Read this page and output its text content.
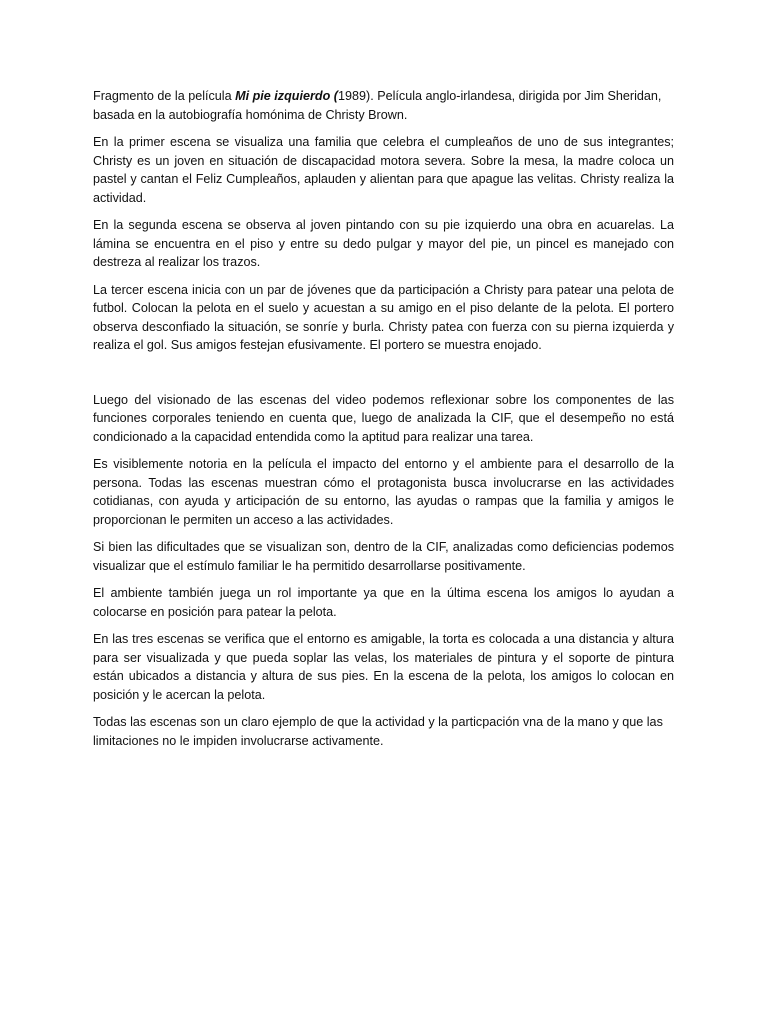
Fragmento de la película Mi pie izquierdo (1989). Película anglo-irlandesa, dirigida por Jim Sheridan, basada en la autobiografía homónima de Christy Brown.

En la primer escena se visualiza una familia que celebra el cumpleaños de uno de sus integrantes; Christy es un joven en situación de discapacidad motora severa. Sobre la mesa, la madre coloca un pastel y cantan el Feliz Cumpleaños, aplauden y alientan para que apague las velitas. Christy realiza la actividad.

En la segunda escena se observa al joven pintando con su pie izquierdo una obra en acuarelas. La lámina se encuentra en el piso y entre su dedo pulgar y mayor del pie, un pincel es manejado con destreza al realizar los trazos.

La tercer escena inicia con un par de jóvenes que da participación a Christy para patear una pelota de futbol. Colocan la pelota en el suelo y acuestan a su amigo en el piso delante de la pelota. El portero observa desconfiado la situación, se sonríe y burla. Christy patea con fuerza con su pierna izquierda y realiza el gol. Sus amigos festejan efusivamente. El portero se muestra enojado.

Luego del visionado de las escenas del video podemos reflexionar sobre los componentes de las funciones corporales teniendo en cuenta que, luego de analizada la CIF, que el desempeño no está condicionado a la capacidad entendida como la aptitud para realizar una tarea.

Es visiblemente notoria en la película el impacto del entorno y el ambiente para el desarrollo de la persona. Todas las escenas muestran cómo el protagonista busca involucrarse en las actividades cotidianas, con ayuda y articipación de su entorno, las ayudas o rampas que la familia y amigos le proporcionan le permiten un acceso a las actividades.

Si bien las dificultades que se visualizan son, dentro de la CIF, analizadas como deficiencias podemos visualizar que el estímulo familiar le ha permitido desarrollarse positivamente.

El ambiente también juega un rol importante ya que en la última escena los amigos lo ayudan a colocarse en posición para patear la pelota.

En las tres escenas se verifica que el entorno es amigable, la torta es colocada a una distancia y altura para ser visualizada y que pueda soplar las velas, los materiales de pintura y el soporte de pintura están ubicados a distancia y altura de sus pies. En la escena de la pelota, los amigos lo colocan en posición y le acercan la pelota.

Todas las escenas son un claro ejemplo de que la actividad y la particpación vna de la mano y que las limitaciones no le impiden involucrarse activamente.
